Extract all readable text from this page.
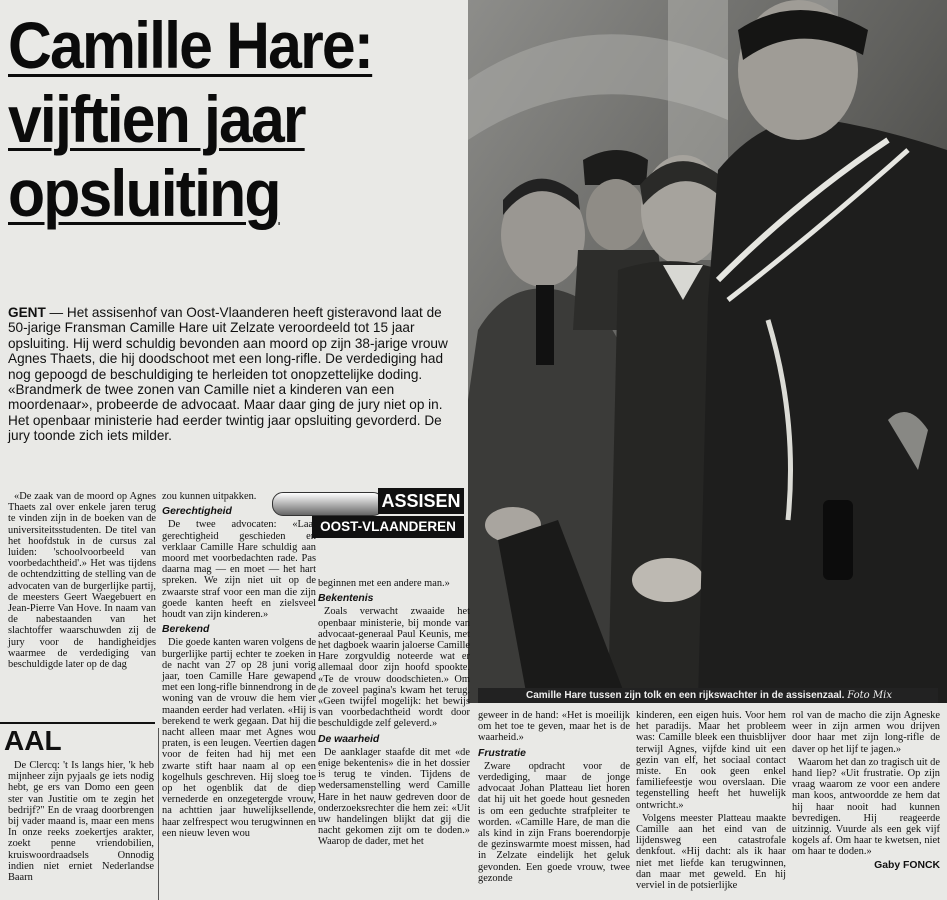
Camille Hare:
vijftien jaar
opsluiting
Camille Hare tussen zijn tolk en een rijkswachter in de assisenzaal. Foto Mix

GENT — Het assisenhof van Oost-Vlaanderen heeft gisteravond laat de 50-jarige Fransman Camille Hare uit Zelzate veroordeeld tot 15 jaar opsluiting. Hij werd schuldig bevonden aan moord op zijn 38-jarige vrouw Agnes Thaets, die hij doodschoot met een long-rifle. De verdediging had nog gepoogd de beschuldiging te herleiden tot onopzettelijke doding.

«Brandmerk de twee zonen van Camille niet a kinderen van een moordenaar», probeerde de advocaat. Maar daar ging de jury niet op in. Het openbaar ministerie had eerder twintig jaar opsluiting gevorderd. De jury toonde zich iets milder.

ASSISEN
OOST-VLAANDEREN

«De zaak van de moord op Agnes Thaets zal over enkele jaren terug te vinden zijn in de boeken van de universiteitsstudenten. De titel van het hoofdstuk in de cursus zal luiden: 'schoolvoorbeeld van voorbedachtheid'.» Het was tijdens de ochtendzitting de stelling van de advocaten van de burgerlijke partij, de meesters Geert Waegebuert en Jean-Pierre Van Hove. In naam van de nabestaanden van het slachtoffer waarschuwden zij de jury voor de handigheidjes waarmee de verdediging van beschuldigde later op de dag

zou kunnen uitpakken.

Gerechtigheid

De twee advocaten: «Laat gerechtigheid geschieden en verklaar Camille Hare schuldig aan moord met voorbedachten rade. Pas daarna mag — en moet — het hart spreken. We zijn niet uit op de zwaarste straf voor een man die zijn goede kanten heeft en zielsveel houdt van zijn kinderen.»

Berekend

Die goede kanten waren volgens de burgerlijke partij echter te zoeken in de nacht van 27 op 28 juni vorig jaar, toen Camille Hare gewapend met een long-rifle binnendrong in de woning van de vrouw die hem vier maanden eerder had verlaten. «Hij is berekend te werk gegaan. Dat hij die nacht alleen maar met Agnes wou praten, is een leugen. Veertien dagen voor de feiten had hij met een zwarte stift haar naam al op een kogelhuls geschreven. Hij sloeg toe op het ogenblik dat de diep vernederde en onzegetergde vrouw, na achttien jaar huwelijksellende, haar zelfrespect wou terugwinnen en een nieuw leven wou

beginnen met een andere man.»

Bekentenis

Zoals verwacht zwaaide het openbaar ministerie, bij monde van advocaat-generaal Paul Keunis, met het dagboek waarin jaloerse Camille Hare zorgvuldig noteerde wat er allemaal door zijn hoofd spookte. «Te de vrouw doodschieten.» Om de zoveel pagina's kwam het terug. «Geen twijfel mogelijk: het bewijs van voorbedachtheid wordt door beschuldigde zelf geleverd.»

De waarheid

De aanklager staafde dit met «de enige bekentenis» die in het dossier is terug te vinden. Tijdens de wedersamenstelling werd Camille Hare in het nauw gedreven door de onderzoeksrechter die hem zei: «Uit uw handelingen blijkt dat gij die nacht gekomen zijt om te doden.» Waarop de dader, met het

geweer in de hand: «Het is moeilijk om het toe te geven, maar het is de waarheid.»

Frustratie

Zware opdracht voor de verdediging, maar de jonge advocaat Johan Platteau liet horen dat hij uit het goede hout gesneden is om een geduchte strafpleiter te worden. «Camille Hare, de man die als kind in zijn Frans boerendorpje de gezinswarmte moest missen, had in Zelzate eindelijk het geluk gevonden. Een goede vrouw, twee gezonde

kinderen, een eigen huis. Voor hem het paradijs. Maar het probleem was: Camille bleek een thuisblijver terwijl Agnes, vijfde kind uit een gezin van elf, het sociaal contact miste. En ook geen enkel familiefeestje wou overslaan. Die tegenstelling heeft het huwelijk ontwricht.»

Volgens meester Platteau maakte Camille aan het eind van de lijdensweg een catastrofale denkfout. «Hij dacht: als ik haar niet met liefde kan terugwinnen, dan maar met geweld. En hij verviel in de potsierlijke

rol van de macho die zijn Agneske weer in zijn armen wou drijven door haar met zijn long-rifle de daver op het lijf te jagen.»

Waarom het dan zo tragisch uit de hand liep? «Uit frustratie. Op zijn vraag waarom ze voor een andere man koos, antwoordde ze hem dat hij haar nooit had kunnen bevredigen. Hij reageerde uitzinnig. Vuurde als een gek vijf kogels af. Om haar te kwetsen, niet om haar te doden.»

Gaby FONCK
AAL

De Clercq: 't Is langs hier, 'k heb mijnheer zijn pyjaals ge iets nodig hebt, ge ers van Domo een geen ster van Justitie om te zegin het bedrijf?" En de vraag doorbrengen bij vader maand is, maar een mens In onze reeks zoekertjes arakter, zoekt penne vriendobilien, kruiswoordraadsels Onnodig indien niet erniet Nederlandse Baarn
